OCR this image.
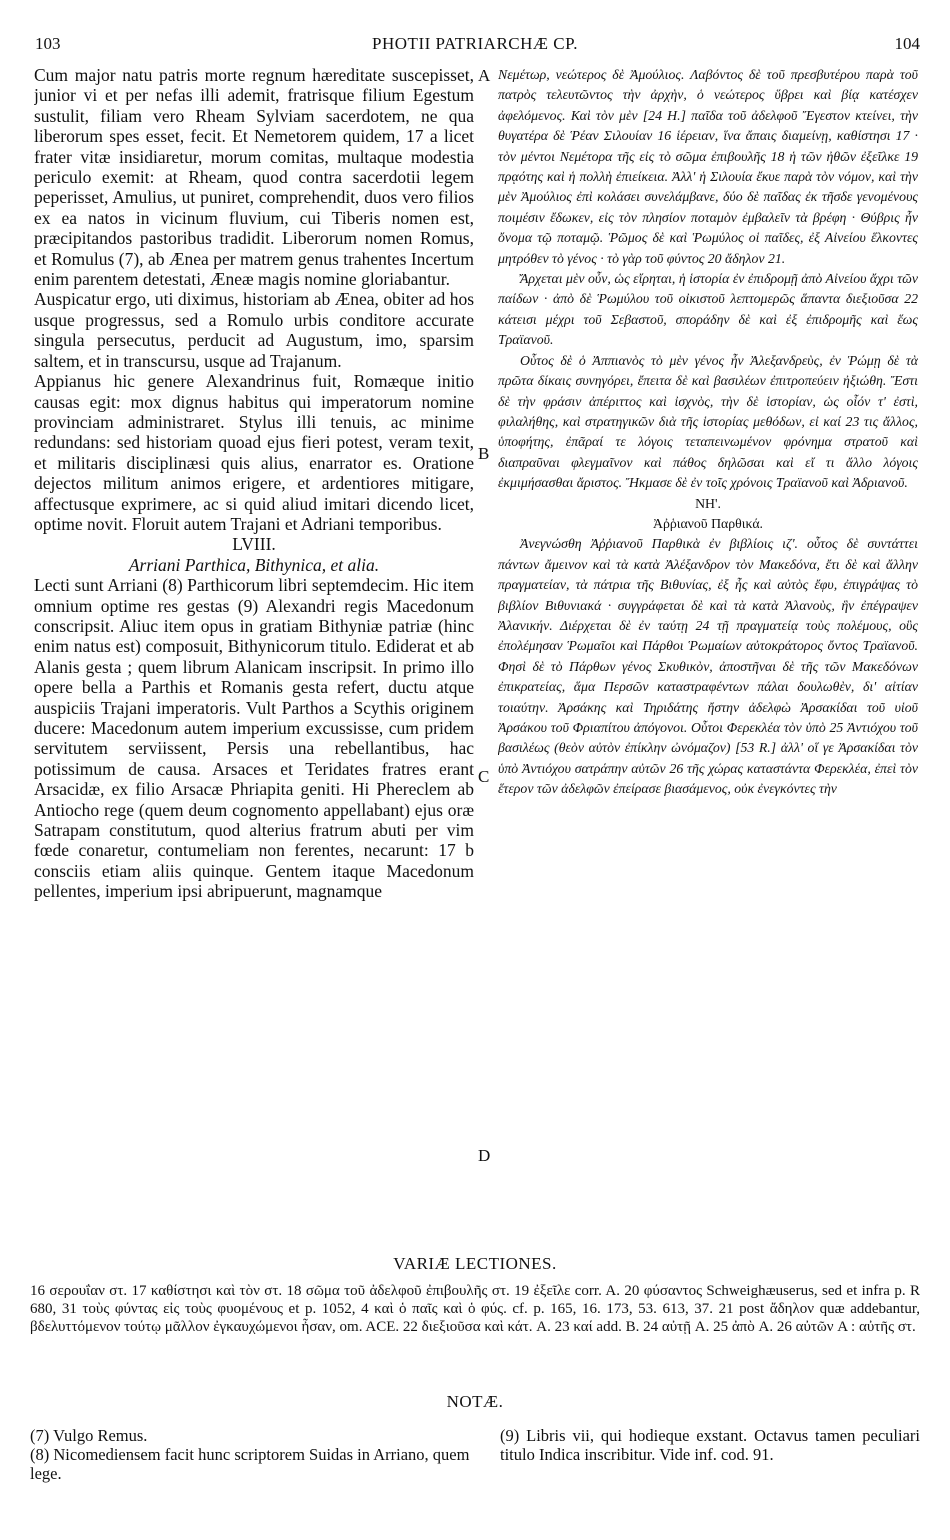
103	PHOTII PATRIARCHÆ CP.	104

Cum major natu patris morte regnum hæreditate suscepisset, junior vi et per nefas illi ademit, fratrisque filium Egestum sustulit, filiam vero Rheam Sylviam sacerdotem, ne qua liberorum spes esset, fecit. Et Nemetorem quidem, 17 a licet frater vitæ insidiaretur, morum comitas, multaque modestia periculo exemit: at Rheam, quod contra sacerdotii legem peperisset, Amulius, ut puniret, comprehendit, duos vero filios ex ea natos in vicinum fluvium, cui Tiberis nomen est, præcipitandos pastoribus tradidit. Liberorum nomen Romus, et Romulus (7), ab Ænea per matrem genus trahentes Incertum enim parentem detestati, Æneæ magis nomine gloriabantur.

Auspicatur ergo, uti diximus, historiam ab Ænea, obiter ad hos usque progressus, sed a Romulo urbis conditore accurate singula persecutus, perducit ad Augustum, imo, sparsim saltem, et in transcursu, usque ad Trajanum.

Appianus hic genere Alexandrinus fuit, Romæque initio causas egit: mox dignus habitus qui imperatorum nomine provinciam administraret. Stylus illi tenuis, ac minime redundans: sed historiam quoad ejus fieri potest, veram texit, et militaris disciplinæsi quis alius, enarrator es. Oratione dejectos militum animos erigere, et ardentiores mitigare, affectusque exprimere, ac si quid aliud imitari dicendo licet, optime novit. Floruit autem Trajani et Adriani temporibus.

LVIII.

Arriani Parthica, Bithynica, et alia.

Lecti sunt Arriani (8) Parthicorum libri septemdecim. Hic item omnium optime res gestas (9) Alexandri regis Macedonum conscripsit. Aliuc item opus in gratiam Bithyniæ patriæ (hinc enim natus est) composuit, Bithynicorum titulo. Ediderat et ab Alanis gesta ; quem librum Alanicam inscripsit. In primo illo opere bella a Parthis et Romanis gesta refert, ductu atque auspiciis Trajani imperatoris. Vult Parthos a Scythis originem ducere: Macedonum autem imperium excussisse, cum pridem servitutem serviissent, Persis una rebellantibus, hac potissimum de causa. Arsaces et Teridates fratres erant Arsacidæ, ex filio Arsacæ Phriapita geniti. Hi Phereclem ab Antiocho rege (quem deum cognomento appellabant) ejus oræ Satrapam constitutum, quod alterius fratrum abuti per vim fœde conaretur, contumeliam non ferentes, necarunt: 17 b consciis etiam aliis quinque. Gentem itaque Macedonum pellentes, imperium ipsi abripuerunt, magnamque

A
B
C
D

Νεμέτωρ, νεώτερος δὲ Ἀμούλιος. Λαβόντος δὲ τοῦ πρεσβυτέρου παρὰ τοῦ πατρὸς τελευτῶντος τὴν ἀρχὴν, ὁ νεώτερος ὕβρει καὶ βίᾳ κατέσχεν ἀφελόμενος. Καὶ τὸν μὲν [24 H.] παῖδα τοῦ ἀδελφοῦ Ἔγεστον κτείνει, τὴν θυγατέρα δὲ Ῥέαν Σιλουίαν 16 ἱέρειαν, ἵνα ἄπαις διαμείνῃ, καθίστησι 17 · τὸν μέντοι Νεμέτορα τῆς εἰς τὸ σῶμα ἐπιβουλῆς 18 ἡ τῶν ἠθῶν ἐξεῖλκε 19 πρᾳότης καὶ ἡ πολλὴ ἐπιείκεια. Ἀλλ' ἡ Σιλουία ἔκυε παρὰ τὸν νόμον, καὶ τὴν μὲν Ἀμούλιος ἐπὶ κολάσει συνελάμβανε, δύο δὲ παῖδας ἐκ τῆσδε γενομένους ποιμέσιν ἔδωκεν, εἰς τὸν πλησίον ποταμὸν ἐμβαλεῖν τὰ βρέφη · Θύβρις ἦν ὄνομα τῷ ποταμῷ. Ῥῶμος δὲ καὶ Ῥωμύλος οἱ παῖδες, ἐξ Αἰνείου ἕλκοντες μητρόθεν τὸ γένος · τὸ γὰρ τοῦ φύντος 20 ἄδηλον 21.

Ἄρχεται μὲν οὖν, ὡς εἴρηται, ἡ ἱστορία ἐν ἐπιδρομῇ ἀπὸ Αἰνείου ἄχρι τῶν παίδων · ἀπὸ δὲ Ῥωμύλου τοῦ οἰκιστοῦ λεπτομερῶς ἅπαντα διεξιοῦσα 22 κάτεισι μέχρι τοῦ Σεβαστοῦ, σποράδην δὲ καὶ ἐξ ἐπιδρομῆς καὶ ἕως Τραϊανοῦ.

Οὗτος δὲ ὁ Ἀππιανὸς τὸ μὲν γένος ἦν Ἀλεξανδρεὺς, ἐν Ῥώμῃ δὲ τὰ πρῶτα δίκαις συνηγόρει, ἔπειτα δὲ καὶ βασιλέων ἐπιτροπεύειν ἠξιώθη. Ἔστι δὲ τὴν φράσιν ἀπέριττος καὶ ἰσχνὸς, τὴν δὲ ἱστορίαν, ὡς οἷόν τ' ἐστὶ, φιλαλήθης, καὶ στρατηγικῶν διὰ τῆς ἱστορίας μεθόδων, εἰ καί 23 τις ἄλλος, ὑποφήτης, ἐπᾶραί τε λόγοις τεταπεινωμένον φρόνημα στρατοῦ καὶ διαπραῦναι φλεγμαῖνον καὶ πάθος δηλῶσαι καὶ εἴ τι ἄλλο λόγοις ἐκμιμήσασθαι ἄριστος. Ἤκμασε δὲ ἐν τοῖς χρόνοις Τραϊανοῦ καὶ Ἀδριανοῦ.

ΝΗ'.

Ἀῤῥιανοῦ Παρθικά.

Ἀνεγνώσθη Ἀῤῥιανοῦ Παρθικὰ ἐν βιβλίοις ιζ'. οὗτος δὲ συντάττει πάντων ἄμεινον καὶ τὰ κατὰ Ἀλέξανδρον τὸν Μακεδόνα, ἔτι δὲ καὶ ἄλλην πραγματείαν, τὰ πάτρια τῆς Βιθυνίας, ἐξ ἧς καὶ αὐτὸς ἔφυ, ἐπιγράψας τὸ βιβλίον Βιθυνιακά · συγγράφεται δὲ καὶ τὰ κατὰ Ἀλανοὺς, ἣν ἐπέγραψεν Ἀλανικήν. Διέρχεται δὲ ἐν ταύτῃ 24 τῇ πραγματείᾳ τοὺς πολέμους, οὓς ἐπολέμησαν Ῥωμαῖοι καὶ Πάρθοι Ῥωμαίων αὐτοκράτορος ὄντος Τραϊανοῦ. Φησὶ δὲ τὸ Πάρθων γένος Σκυθικὸν, ἀποστῆναι δὲ τῆς τῶν Μακεδόνων ἐπικρατείας, ἅμα Περσῶν καταστραφέντων πάλαι δουλωθὲν, δι' αἰτίαν τοιαύτην. Ἀρσάκης καὶ Τηριδάτης ἤστην ἀδελφὼ Ἀρσακίδαι τοῦ υἱοῦ Ἀρσάκου τοῦ Φριαπίτου ἀπόγονοι. Οὗτοι Φερεκλέα τὸν ὑπὸ 25 Ἀντιόχου τοῦ βασιλέως (θεὸν αὐτὸν ἐπίκλην ὠνόμαζον) [53 R.] ἀλλ' οἵ γε Ἀρσακίδαι τὸν ὑπὸ Ἀντιόχου σατράπην αὐτῶν 26 τῆς χώρας καταστάντα Φερεκλέα, ἐπεὶ τὸν ἕτερον τῶν ἀδελφῶν ἐπείρασε βιασάμενος, οὐκ ἐνεγκόντες τὴν

VARIÆ LECTIONES.

16 σερουΐαν στ. 17 καθίστησι καὶ τὸν στ. 18 σῶμα τοῦ ἀδελφοῦ ἐπιβουλῆς στ. 19 ἐξεῖλε corr. A. 20 φύσαντος Schweighæuserus, sed et infra p. R 680, 31 τοὺς φύντας εἰς τοὺς φυομένους et p. 1052, 4 καὶ ὁ παῖς καὶ ὁ φύς. cf. p. 165, 16. 173, 53. 613, 37. 21 post ἄδηλον quæ addebantur, βδελυττόμενον τούτῳ μᾶλλον ἐγκαυχώμενοι ἦσαν, om. ACE. 22 διεξιοῦσα καὶ κάτ. A. 23 καί add. B. 24 αὐτῇ A. 25 ἀπὸ A. 26 αὐτῶν A : αὐτῆς στ.

NOTÆ.

(7) Vulgo Remus.

(8) Nicomediensem facit hunc scriptorem Suidas in Arriano, quem lege.

(9) Libris vii, qui hodieque exstant. Octavus tamen peculiari titulo Indica inscribitur. Vide inf. cod. 91.
